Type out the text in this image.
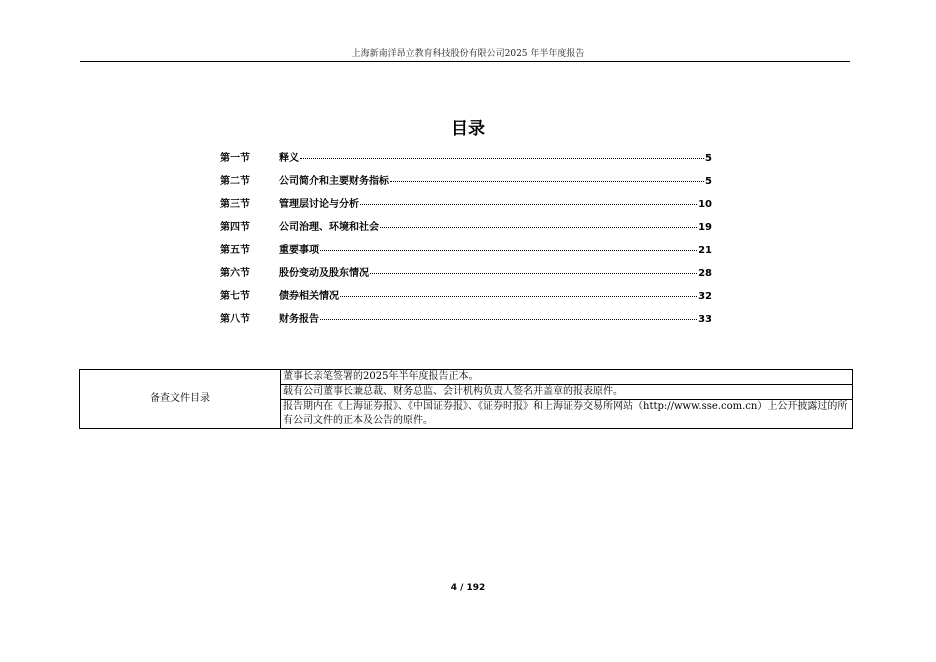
上海新南洋昂立教育科技股份有限公司2025 年半年度报告
目录
第一节	释义	5
第二节	公司简介和主要财务指标	5
第三节	管理层讨论与分析	10
第四节	公司治理、环境和社会	19
第五节	重要事项	21
第六节	股份变动及股东情况	28
第七节	债券相关情况	32
第八节	财务报告	33
备查文件目录	董事长亲笔签署的2025年半年度报告正本。
载有公司董事长兼总裁、财务总监、会计机构负责人签名并盖章的报表原件。
报告期内在《上海证券报》、《中国证券报》、《证券时报》和上海证券交易所网站（http://www.sse.com.cn）上公开披露过的所有公司文件的正本及公告的原件。
4 / 192
